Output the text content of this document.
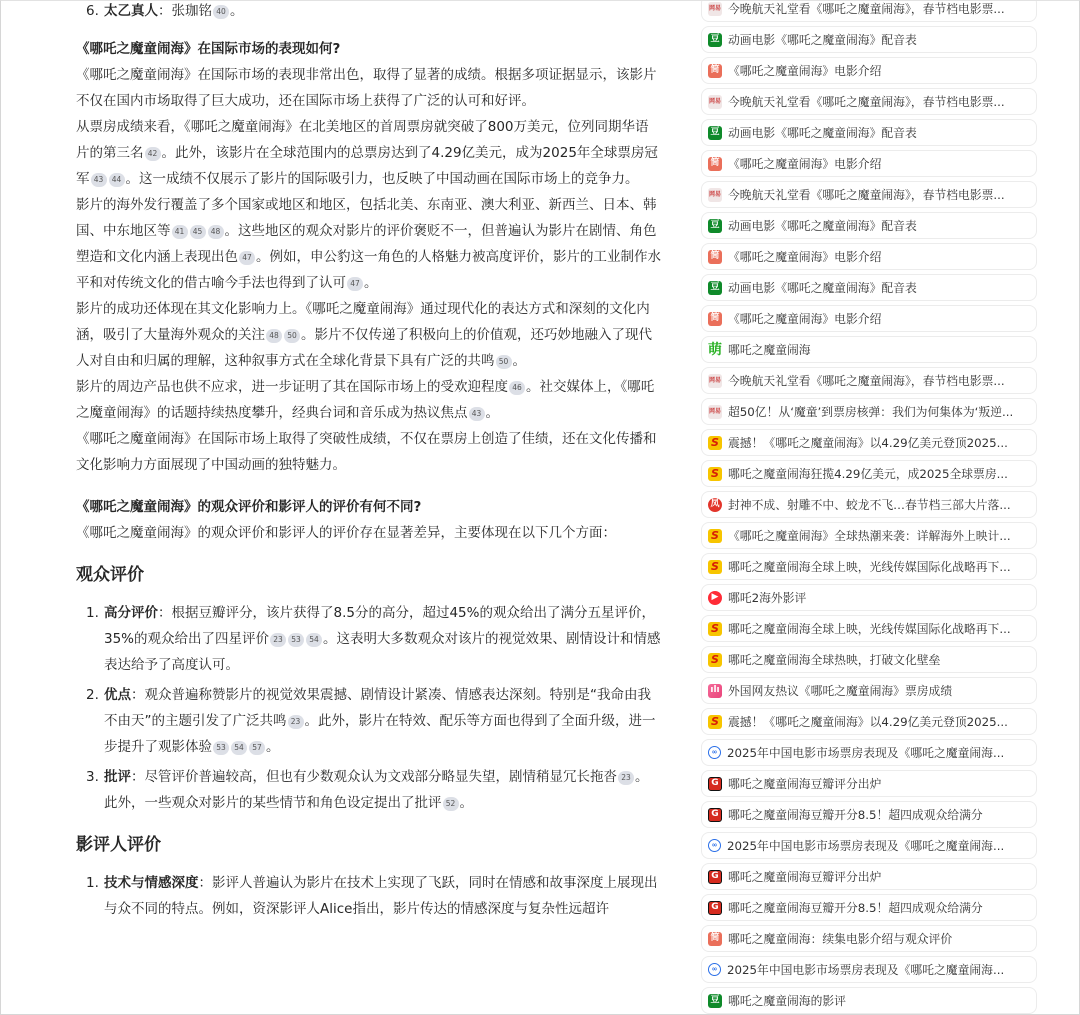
6. 太乙真人：张珈铭 40 。

《哪吒之魔童闹海》在国际市场的表现如何?

《哪吒之魔童闹海》在国际市场的表现非常出色，取得了显著的成绩。根据多项证据显示，该影片不仅在国内市场取得了巨大成功，还在国际市场上获得了广泛的认可和好评。

从票房成绩来看，《哪吒之魔童闹海》在北美地区的首周票房就突破了800万美元，位列同期华语片的第三名 42 。此外，该影片在全球范围内的总票房达到了4.29亿美元，成为2025年全球票房冠军 43 44 。这一成绩不仅展示了影片的国际吸引力，也反映了中国动画在国际市场上的竞争力。

影片的海外发行覆盖了多个国家或地区和地区，包括北美、东南亚、澳大利亚、新西兰、日本、韩国、中东地区等 41 45 48 。这些地区的观众对影片的评价褒贬不一，但普遍认为影片在剧情、角色塑造和文化内涵上表现出色 47 。例如，申公豹这一角色的人格魅力被高度评价，影片的工业制作水平和对传统文化的借古喻今手法也得到了认可 47 。

影片的成功还体现在其文化影响力上。《哪吒之魔童闹海》通过现代化的表达方式和深刻的文化内涵，吸引了大量海外观众的关注 48 50 。影片不仅传递了积极向上的价值观，还巧妙地融入了现代人对自由和归属的理解，这种叙事方式在全球化背景下具有广泛的共鸣 50 。

影片的周边产品也供不应求，进一步证明了其在国际市场上的受欢迎程度 46 。社交媒体上，《哪吒之魔童闹海》的话题持续热度攀升，经典台词和音乐成为热议焦点 43 。

《哪吒之魔童闹海》在国际市场上取得了突破性成绩，不仅在票房上创造了佳绩，还在文化传播和文化影响力方面展现了中国动画的独特魅力。

《哪吒之魔童闹海》的观众评价和影评人的评价有何不同?

《哪吒之魔童闹海》的观众评价和影评人的评价存在显著差异，主要体现在以下几个方面：

观众评价

1. 高分评价：根据豆瓣评分，该片获得了8.5分的高分，超过45%的观众给出了满分五星评价，35%的观众给出了四星评价 23 53 54 。这表明大多数观众对该片的视觉效果、剧情设计和情感表达给予了高度认可。
2. 优点：观众普遍称赞影片的视觉效果震撼、剧情设计紧凑、情感表达深刻。特别是“我命由我不由天”的主题引发了广泛共鸣 23 。此外，影片在特效、配乐等方面也得到了全面升级，进一步提升了观影体验 53 54 57 。
3. 批评：尽管评价普遍较高，但也有少数观众认为文戏部分略显失望，剧情稍显冗长拖沓 23 。此外，一些观众对影片的某些情节和角色设定提出了批评 52 。

影评人评价

1. 技术与情感深度：影评人普遍认为影片在技术上实现了飞跃，同时在情感和故事深度上展现出与众不同的特点。例如，资深影评人Alice指出，影片传达的情感深度与复杂性远超许
网易 今晚航天礼堂看《哪吒之魔童闹海》，春节档电影票...
豆 动画电影《哪吒之魔童闹海》配音表
简 《哪吒之魔童闹海》电影介绍
网易 今晚航天礼堂看《哪吒之魔童闹海》，春节档电影票...
豆 动画电影《哪吒之魔童闹海》配音表
简 《哪吒之魔童闹海》电影介绍
网易 今晚航天礼堂看《哪吒之魔童闹海》，春节档电影票...
豆 动画电影《哪吒之魔童闹海》配音表
简 《哪吒之魔童闹海》电影介绍
豆 动画电影《哪吒之魔童闹海》配音表
简 《哪吒之魔童闹海》电影介绍
萌 哪吒之魔童闹海
网易 今晚航天礼堂看《哪吒之魔童闹海》，春节档电影票...
网易 超50亿！从‘魔童’到票房核弹：我们为何集体为‘叛逆...
S 震撼！《哪吒之魔童闹海》以4.29亿美元登顶2025...
S 哪吒之魔童闹海狂揽4.29亿美元，成2025全球票房...
凤 封神不成、射雕不中、蛟龙不飞…春节档三部大片落...
S 《哪吒之魔童闹海》全球热潮来袭：详解海外上映计...
S 哪吒之魔童闹海全球上映，光线传媒国际化战略再下...
▶ 哪吒2海外影评
S 哪吒之魔童闹海全球上映，光线传媒国际化战略再下...
S 哪吒之魔童闹海全球热映，打破文化壁垒
ılı 外国网友热议《哪吒之魔童闹海》票房成绩
S 震撼！《哪吒之魔童闹海》以4.29亿美元登顶2025...
∞ 2025年中国电影市场票房表现及《哪吒之魔童闹海...
G 哪吒之魔童闹海豆瓣评分出炉
G 哪吒之魔童闹海豆瓣开分8.5！超四成观众给满分
∞ 2025年中国电影市场票房表现及《哪吒之魔童闹海...
G 哪吒之魔童闹海豆瓣评分出炉
G 哪吒之魔童闹海豆瓣开分8.5！超四成观众给满分
简 哪吒之魔童闹海：续集电影介绍与观众评价
∞ 2025年中国电影市场票房表现及《哪吒之魔童闹海...
豆 哪吒之魔童闹海的影评
